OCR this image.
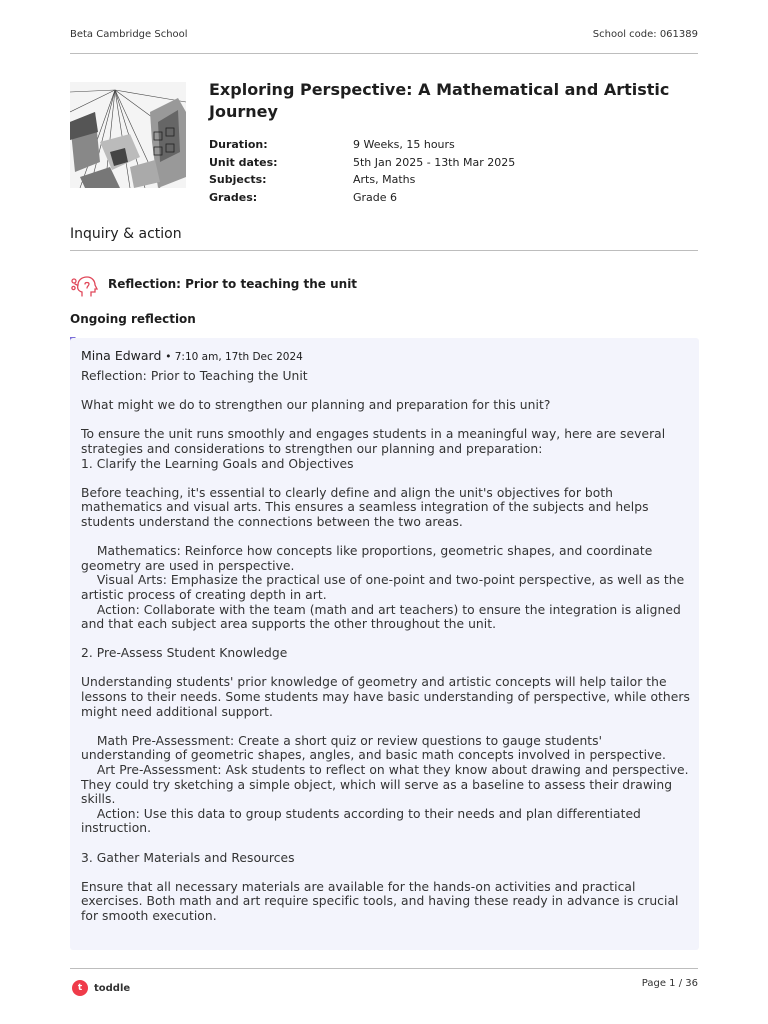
Beta Cambridge School	School code: 061389
Exploring Perspective: A Mathematical and Artistic Journey
Duration:	9 Weeks, 15 hours
Unit dates:	5th Jan 2025 - 13th Mar 2025
Subjects:	Arts, Maths
Grades:	Grade 6
Inquiry & action
Reflection: Prior to teaching the unit
Ongoing reflection
Mina Edward • 7:10 am, 17th Dec 2024

Reflection: Prior to Teaching the Unit

What might we do to strengthen our planning and preparation for this unit?

To ensure the unit runs smoothly and engages students in a meaningful way, here are several strategies and considerations to strengthen our planning and preparation:

1. Clarify the Learning Goals and Objectives

Before teaching, it's essential to clearly define and align the unit's objectives for both mathematics and visual arts. This ensures a seamless integration of the subjects and helps students understand the connections between the two areas.

Mathematics: Reinforce how concepts like proportions, geometric shapes, and coordinate geometry are used in perspective.

Visual Arts: Emphasize the practical use of one-point and two-point perspective, as well as the artistic process of creating depth in art.

Action: Collaborate with the team (math and art teachers) to ensure the integration is aligned and that each subject area supports the other throughout the unit.

2. Pre-Assess Student Knowledge

Understanding students' prior knowledge of geometry and artistic concepts will help tailor the lessons to their needs. Some students may have basic understanding of perspective, while others might need additional support.

Math Pre-Assessment: Create a short quiz or review questions to gauge students' understanding of geometric shapes, angles, and basic math concepts involved in perspective.

Art Pre-Assessment: Ask students to reflect on what they know about drawing and perspective. They could try sketching a simple object, which will serve as a baseline to assess their drawing skills.

Action: Use this data to group students according to their needs and plan differentiated instruction.

3. Gather Materials and Resources

Ensure that all necessary materials are available for the hands-on activities and practical exercises. Both math and art require specific tools, and having these ready in advance is crucial for smooth execution.

t	toddle	Page 1 / 36
